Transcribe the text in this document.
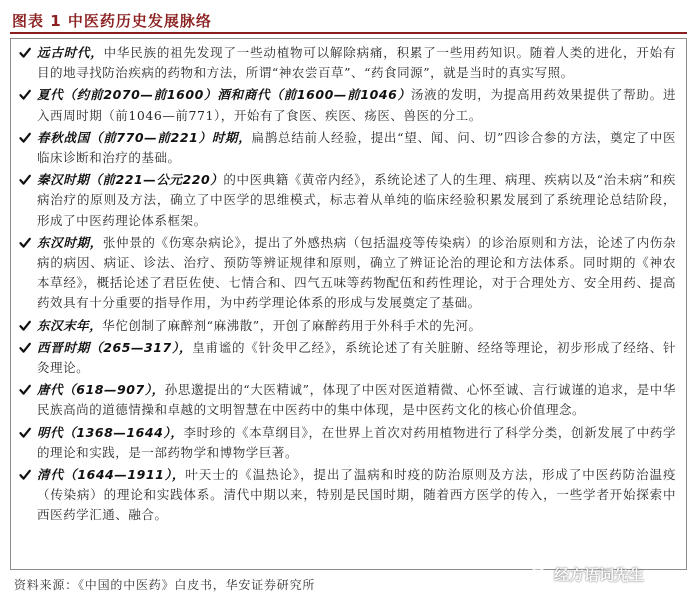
图表 1 中医药历史发展脉络
远古时代，中华民族的祖先发现了一些动植物可以解除病痛，积累了一些用药知识。随着人类的进化，开始有目的地寻找防治疾病的药物和方法，所谓“神农尝百草”、“药食同源”，就是当时的真实写照。
夏代（约前2070—前1600）酒和商代（前1600—前1046）汤液的发明，为提高用药效果提供了帮助。进入西周时期（前1046—前771），开始有了食医、疾医、疡医、兽医的分工。
春秋战国（前770—前221）时期，扁鹊总结前人经验，提出“望、闻、问、切”四诊合参的方法，奠定了中医临床诊断和治疗的基础。
秦汉时期（前221—公元220）的中医典籍《黄帝内经》，系统论述了人的生理、病理、疾病以及“治未病”和疾病治疗的原则及方法，确立了中医学的思维模式，标志着从单纯的临床经验积累发展到了系统理论总结阶段，形成了中医药理论体系框架。
东汉时期，张仲景的《伤寒杂病论》，提出了外感热病（包括温疫等传染病）的诊治原则和方法，论述了内伤杂病的病因、病证、诊法、治疗、预防等辨证规律和原则，确立了辨证论治的理论和方法体系。同时期的《神农本草经》，概括论述了君臣佐使、七情合和、四气五味等药物配伍和药性理论，对于合理处方、安全用药、提高药效具有十分重要的指导作用，为中药学理论体系的形成与发展奠定了基础。
东汉末年，华佗创制了麻醉剂“麻沸散”，开创了麻醉药用于外科手术的先河。
西晋时期（265—317），皇甫谧的《针灸甲乙经》，系统论述了有关脏腑、经络等理论，初步形成了经络、针灸理论。
唐代（618—907），孙思邈提出的“大医精诚”，体现了中医对医道精微、心怀至诚、言行诚谨的追求，是中华民族高尚的道德情操和卓越的文明智慧在中医药中的集中体现，是中医药文化的核心价值理念。
明代（1368—1644），李时珍的《本草纲目》，在世界上首次对药用植物进行了科学分类，创新发展了中药学的理论和实践，是一部药物学和博物学巨著。
清代（1644—1911），叶天士的《温热论》，提出了温病和时疫的防治原则及方法，形成了中医药防治温疫（传染病）的理论和实践体系。清代中期以来，特别是民国时期，随着西方医学的传入，一些学者开始探索中西医药学汇通、融合。
资料来源：《中国的中医药》白皮书，华安证券研究所
经方语词先生
